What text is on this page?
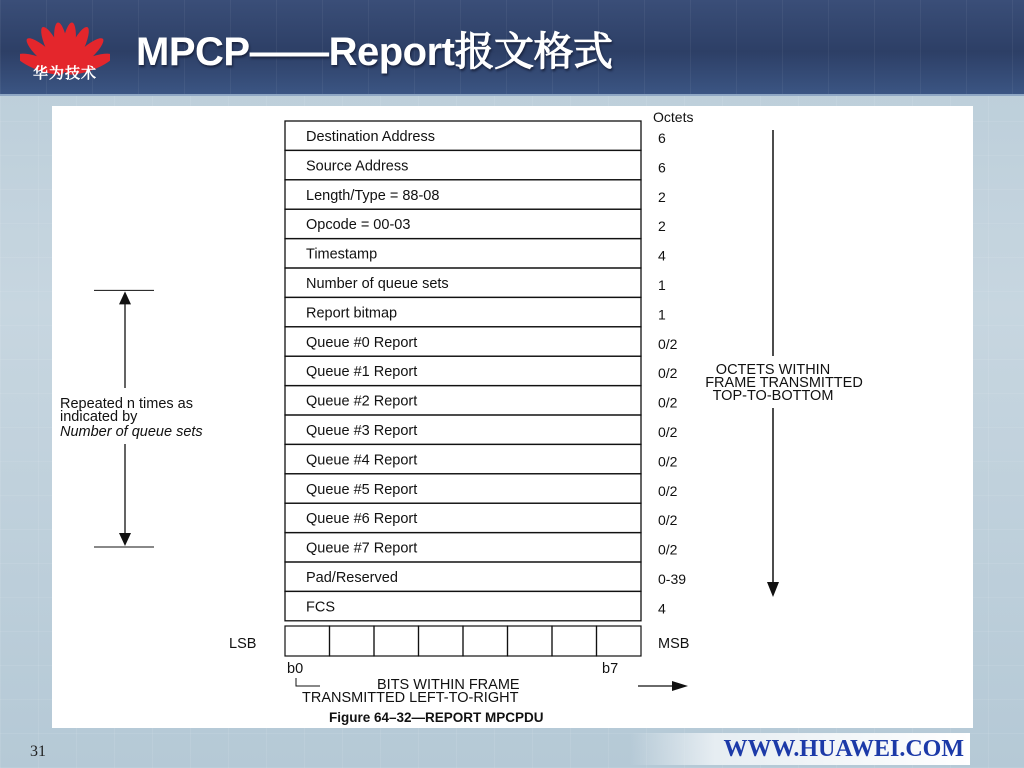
华为技术 MPCP——Report报文格式
Octets
Repeated n times as
indicated by
Number of queue sets
OCTETS WITHIN
FRAME TRANSMITTED
TOP-TO-BOTTOM
LSB	MSB
b0	b7
BITS WITHIN FRAME
TRANSMITTED LEFT-TO-RIGHT
Figure 64–32—REPORT MPCPDU
Destination Address	6
Source Address	6
Length/Type = 88-08	2
Opcode = 00-03	2
Timestamp	4
Number of queue sets	1
Report bitmap	1
Queue #0 Report	0/2
Queue #1 Report	0/2
Queue #2 Report	0/2
Queue #3 Report	0/2
Queue #4 Report	0/2
Queue #5 Report	0/2
Queue #6 Report	0/2
Queue #7 Report	0/2
Pad/Reserved	0-39
FCS	4
31	WWW.HUAWEI.COM
